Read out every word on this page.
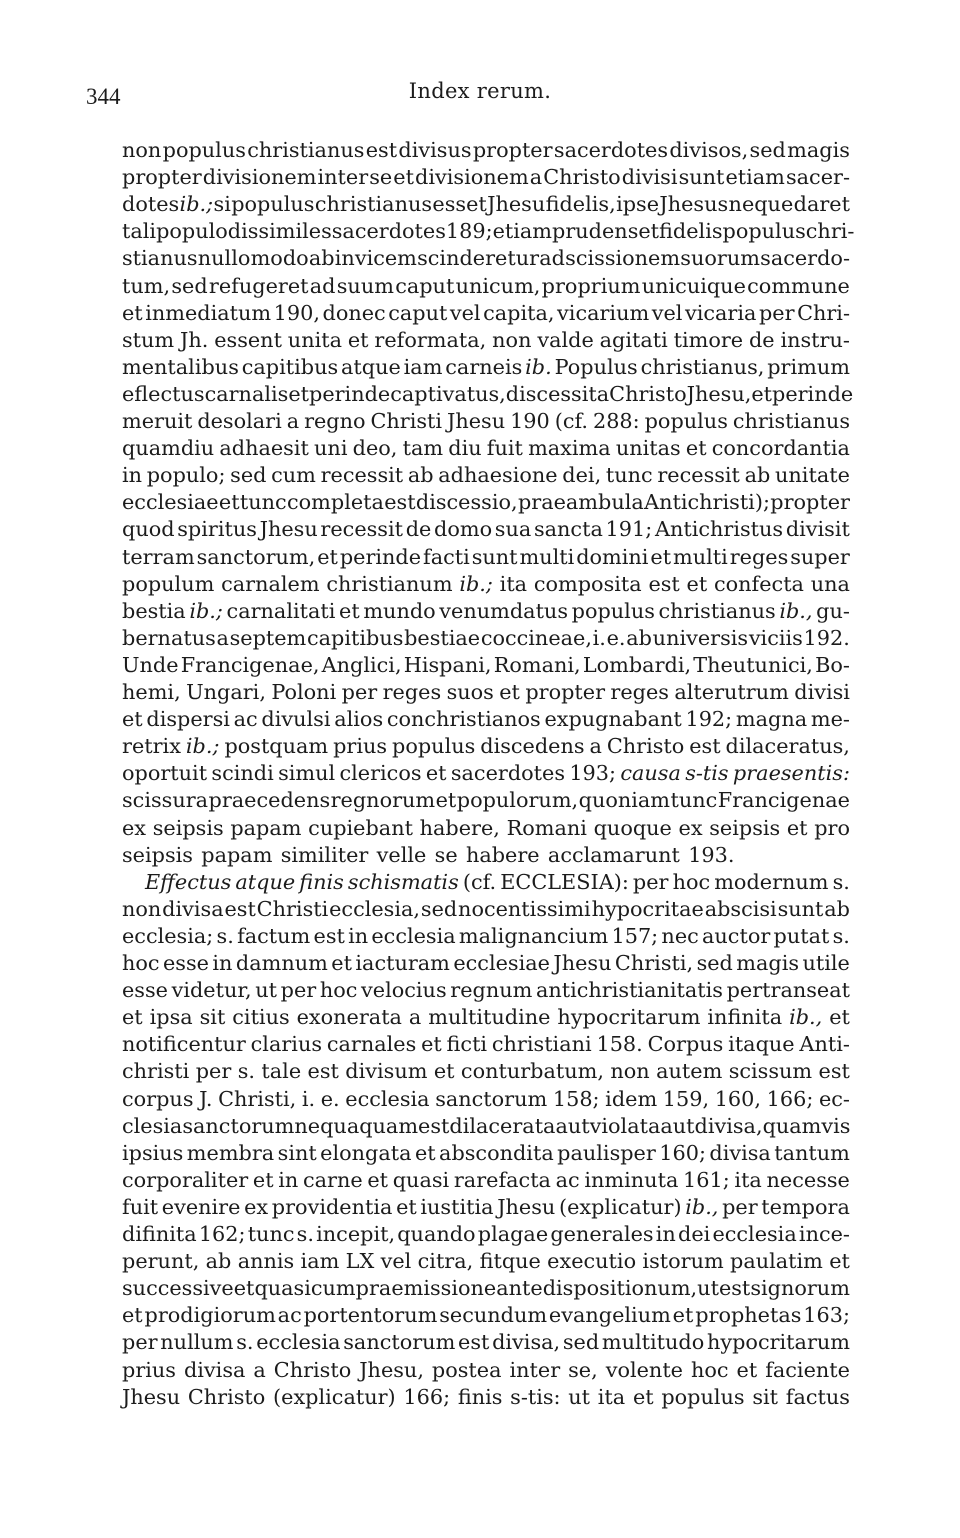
344	Index rerum.
non populus christianus est divisus propter sacerdotes divisos, sed magis
propter divisionem inter se et divisionem a Christo divisi sunt etiam sacer-
dotes ib.; si populus christianus esset Jhesu fidelis, ipse Jhesus neque daret
tali populo dissimiles sacerdotes 189; etiam prudens et fidelis populus chri-
stianus nullo modo ab invicem scinderetur ad scissionem suorum sacerdo-
tum, sed refugeret ad suum caput unicum, proprium unicuique commune
et inmediatum 190, donec caput vel capita, vicarium vel vicaria per Chri-
stum Jh. essent unita et reformata, non valde agitati timore de instru-
mentalibus capitibus atque iam carneis ib. Populus christianus, primum
eflectus carnalis et perinde captivatus, discessit a Christo Jhesu, et perinde
meruit desolari a regno Christi Jhesu 190 (cf. 288: populus christianus
quamdiu adhaesit uni deo, tam diu fuit maxima unitas et concordantia
in populo; sed cum recessit ab adhaesione dei, tunc recessit ab unitate
ecclesiae et tunc completa est discessio, praeambula Antichristi); propter
quod spiritus Jhesu recessit de domo sua sancta 191; Antichristus divisit
terram sanctorum, et perinde facti sunt multi domini et multi reges super
populum carnalem christianum ib.; ita composita est et confecta una
bestia ib.; carnalitati et mundo venumdatus populus christianus ib., gu-
bernatus a septem capitibus bestiae coccineae, i. e. ab universis viciis 192.
Unde Francigenae, Anglici, Hispani, Romani, Lombardi, Theutunici, Bo-
hemi, Ungari, Poloni per reges suos et propter reges alterutrum divisi
et dispersi ac divulsi alios conchristianos expugnabant 192; magna me-
retrix ib.; postquam prius populus discedens a Christo est dilaceratus,
oportuit scindi simul clericos et sacerdotes 193; causa s-tis praesentis:
scissura praecedens regnorum et populorum, quoniam tunc Francigenae
ex seipsis papam cupiebant habere, Romani quoque ex seipsis et pro
seipsis papam similiter velle se habere acclamarunt 193.
Effectus atque finis schismatis (cf. ECCLESIA): per hoc modernum s.
non divisa est Christi ecclesia, sed nocentissimi hypocritae abscisi sunt ab
ecclesia; s. factum est in ecclesia malignancium 157; nec auctor putat s.
hoc esse in damnum et iacturam ecclesiae Jhesu Christi, sed magis utile
esse videtur, ut per hoc velocius regnum antichristianitatis pertranseat
et ipsa sit citius exonerata a multitudine hypocritarum infinita ib., et
notificentur clarius carnales et ficti christiani 158. Corpus itaque Anti-
christi per s. tale est divisum et conturbatum, non autem scissum est
corpus J. Christi, i. e. ecclesia sanctorum 158; idem 159, 160, 166; ec-
clesia sanctorum nequaquam est dilacerata aut violata aut divisa, quamvis
ipsius membra sint elongata et abscondita paulisper 160; divisa tantum
corporaliter et in carne et quasi rarefacta ac inminuta 161; ita necesse
fuit evenire ex providentia et iustitia Jhesu (explicatur) ib., per tempora
difinita 162; tunc s. incepit, quando plagae generales in dei ecclesia ince-
perunt, ab annis iam LX vel citra, fitque executio istorum paulatim et
successive et quasi cum praemissione antedispositionum, ut est signorum
et prodigiorum ac portentorum secundum evangelium et prophetas 163;
per nullum s. ecclesia sanctorum est divisa, sed multitudo hypocritarum
prius divisa a Christo Jhesu, postea inter se, volente hoc et faciente
Jhesu Christo (explicatur) 166; finis s-tis: ut ita et populus sit factus
